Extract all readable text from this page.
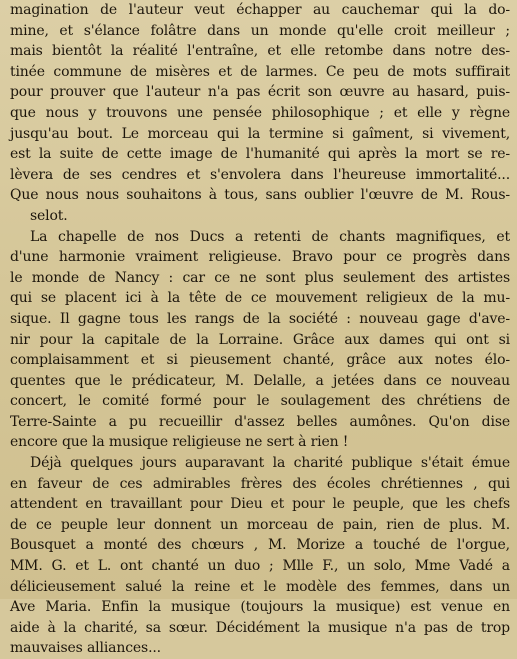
magination de l'auteur veut échapper au cauchemar qui la do-
mine, et s'élance folâtre dans un monde qu'elle croit meilleur ;
mais bientôt la réalité l'entraîne, et elle retombe dans notre des-
tinée commune de misères et de larmes. Ce peu de mots suffirait
pour prouver que l'auteur n'a pas écrit son œuvre au hasard, puis-
que nous y trouvons une pensée philosophique ; et elle y règne
jusqu'au bout. Le morceau qui la termine si gaîment, si vivement,
est la suite de cette image de l'humanité qui après la mort se re-
lèvera de ses cendres et s'envolera dans l'heureuse immortalité...
Que nous nous souhaitons à tous, sans oublier l'œuvre de M. Rous-
selot.
La chapelle de nos Ducs a retenti de chants magnifiques, et
d'une harmonie vraiment religieuse. Bravo pour ce progrès dans
le monde de Nancy : car ce ne sont plus seulement des artistes
qui se placent ici à la tête de ce mouvement religieux de la mu-
sique. Il gagne tous les rangs de la société : nouveau gage d'ave-
nir pour la capitale de la Lorraine. Grâce aux dames qui ont si
complaisamment et si pieusement chanté, grâce aux notes élo-
quentes que le prédicateur, M. Delalle, a jetées dans ce nouveau
concert, le comité formé pour le soulagement des chrétiens de
Terre-Sainte a pu recueillir d'assez belles aumônes. Qu'on dise
encore que la musique religieuse ne sert à rien !
Déjà quelques jours auparavant la charité publique s'était émue
en faveur de ces admirables frères des écoles chrétiennes , qui
attendent en travaillant pour Dieu et pour le peuple, que les chefs
de ce peuple leur donnent un morceau de pain, rien de plus. M.
Bousquet a monté des chœurs , M. Morize a touché de l'orgue,
MM. G. et L. ont chanté un duo ; Mlle F., un solo, Mme Vadé a
délicieusement salué la reine et le modèle des femmes, dans un
Ave Maria. Enfin la musique (toujours la musique) est venue en
aide à la charité, sa sœur. Décidément la musique n'a pas de trop
mauvaises alliances...
